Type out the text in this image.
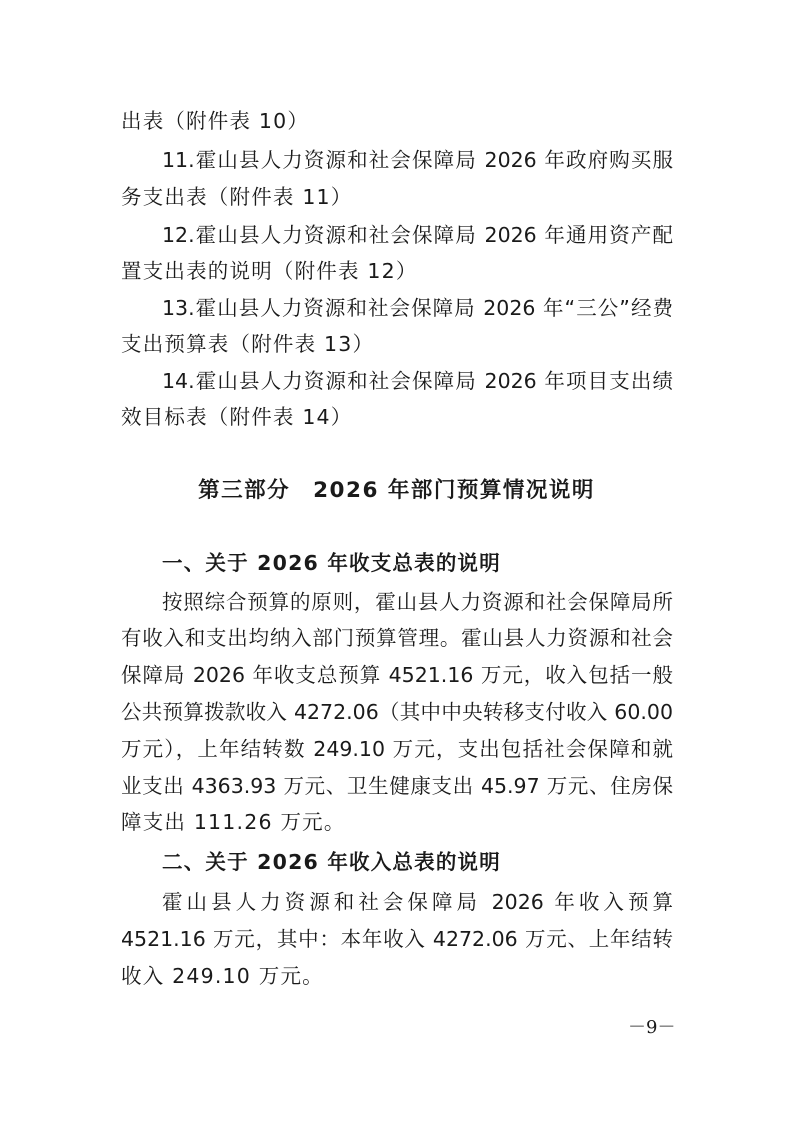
出表（附件表 10）
11.霍山县人力资源和社会保障局 2026 年政府购买服
务支出表（附件表 11）
12.霍山县人力资源和社会保障局 2026 年通用资产配
置支出表的说明（附件表 12）
13.霍山县人力资源和社会保障局 2026 年“三公”经费
支出预算表（附件表 13）
14.霍山县人力资源和社会保障局 2026 年项目支出绩
效目标表（附件表 14）
第三部分　2026 年部门预算情况说明
一、关于 2026 年收支总表的说明
按照综合预算的原则，霍山县人力资源和社会保障局所
有收入和支出均纳入部门预算管理。霍山县人力资源和社会
保障局 2026 年收支总预算 4521.16 万元，收入包括一般
公共预算拨款收入 4272.06（其中中央转移支付收入 60.00
万元），上年结转数 249.10 万元，支出包括社会保障和就
业支出 4363.93 万元、卫生健康支出 45.97 万元、住房保
障支出 111.26 万元。
二、关于 2026 年收入总表的说明
霍山县人力资源和社会保障局 2026 年收入预算
4521.16 万元，其中：本年收入 4272.06 万元、上年结转
收入 249.10 万元。
－9－
